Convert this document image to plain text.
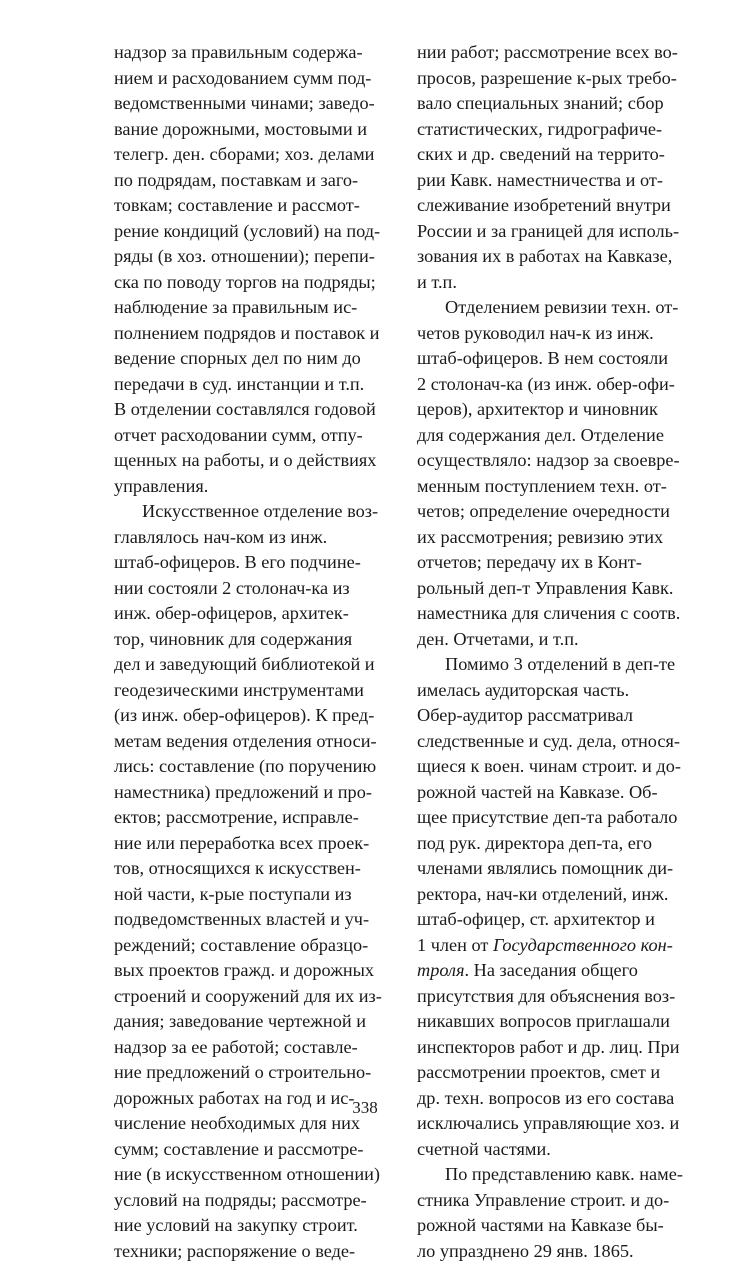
надзор за правильным содержа-
нием и расходованием сумм под-
ведомственными чинами; заведо-
вание дорожными, мостовыми и
телегр. ден. сборами; хоз. делами
по подрядам, поставкам и заго-
товкам; составление и рассмот-
рение кондиций (условий) на под-
ряды (в хоз. отношении); перепи-
ска по поводу торгов на подряды;
наблюдение за правильным ис-
полнением подрядов и поставок и
ведение спорных дел по ним до
передачи в суд. инстанции и т.п.
В отделении составлялся годовой
отчет расходовании сумм, отпу-
щенных на работы, и о действиях
управления.
Искусственное отделение воз-
главлялось нач-ком из инж.
штаб-офицеров. В его подчине-
нии состояли 2 столонач-ка из
инж. обер-офицеров, архитек-
тор, чиновник для содержания
дел и заведующий библиотекой и
геодезическими инструментами
(из инж. обер-офицеров). К пред-
метам ведения отделения относи-
лись: составление (по поручению
наместника) предложений и про-
ектов; рассмотрение, исправле-
ние или переработка всех проек-
тов, относящихся к искусствен-
ной части, к-рые поступали из
подведомственных властей и уч-
реждений; составление образцо-
вых проектов гражд. и дорожных
строений и сооружений для их из-
дания; заведование чертежной и
надзор за ее работой; составле-
ние предложений о строительно-
дорожных работах на год и ис-
числение необходимых для них
сумм; составление и рассмотре-
ние (в искусственном отношении)
условий на подряды; рассмотре-
ние условий на закупку строит.
техники; распоряжение о веде-
нии работ; рассмотрение всех во-
просов, разрешение к-рых требо-
вало специальных знаний; сбор
статистических, гидрографиче-
ских и др. сведений на террито-
рии Кавк. наместничества и от-
слеживание изобретений внутри
России и за границей для исполь-
зования их в работах на Кавказе,
и т.п.
Отделением ревизии техн. от-
четов руководил нач-к из инж.
штаб-офицеров. В нем состояли
2 столонач-ка (из инж. обер-офи-
церов), архитектор и чиновник
для содержания дел. Отделение
осуществляло: надзор за своевре-
менным поступлением техн. от-
четов; определение очередности
их рассмотрения; ревизию этих
отчетов; передачу их в Конт-
рольный деп-т Управления Кавк.
наместника для сличения с соотв.
ден. Отчетами, и т.п.
Помимо 3 отделений в деп-те
имелась аудиторская часть.
Обер-аудитор рассматривал
следственные и суд. дела, относя-
щиеся к воен. чинам строит. и до-
рожной частей на Кавказе. Об-
щее присутствие деп-та работало
под рук. директора деп-та, его
членами являлись помощник ди-
ректора, нач-ки отделений, инж.
штаб-офицер, ст. архитектор и
1 член от Государственного кон-
троля. На заседания общего
присутствия для объяснения воз-
никавших вопросов приглашали
инспекторов работ и др. лиц. При
рассмотрении проектов, смет и
др. техн. вопросов из его состава
исключались управляющие хоз. и
счетной частями.
По представлению кавк. наме-
стника Управление строит. и до-
рожной частями на Кавказе бы-
ло упразднено 29 янв. 1865.
338
